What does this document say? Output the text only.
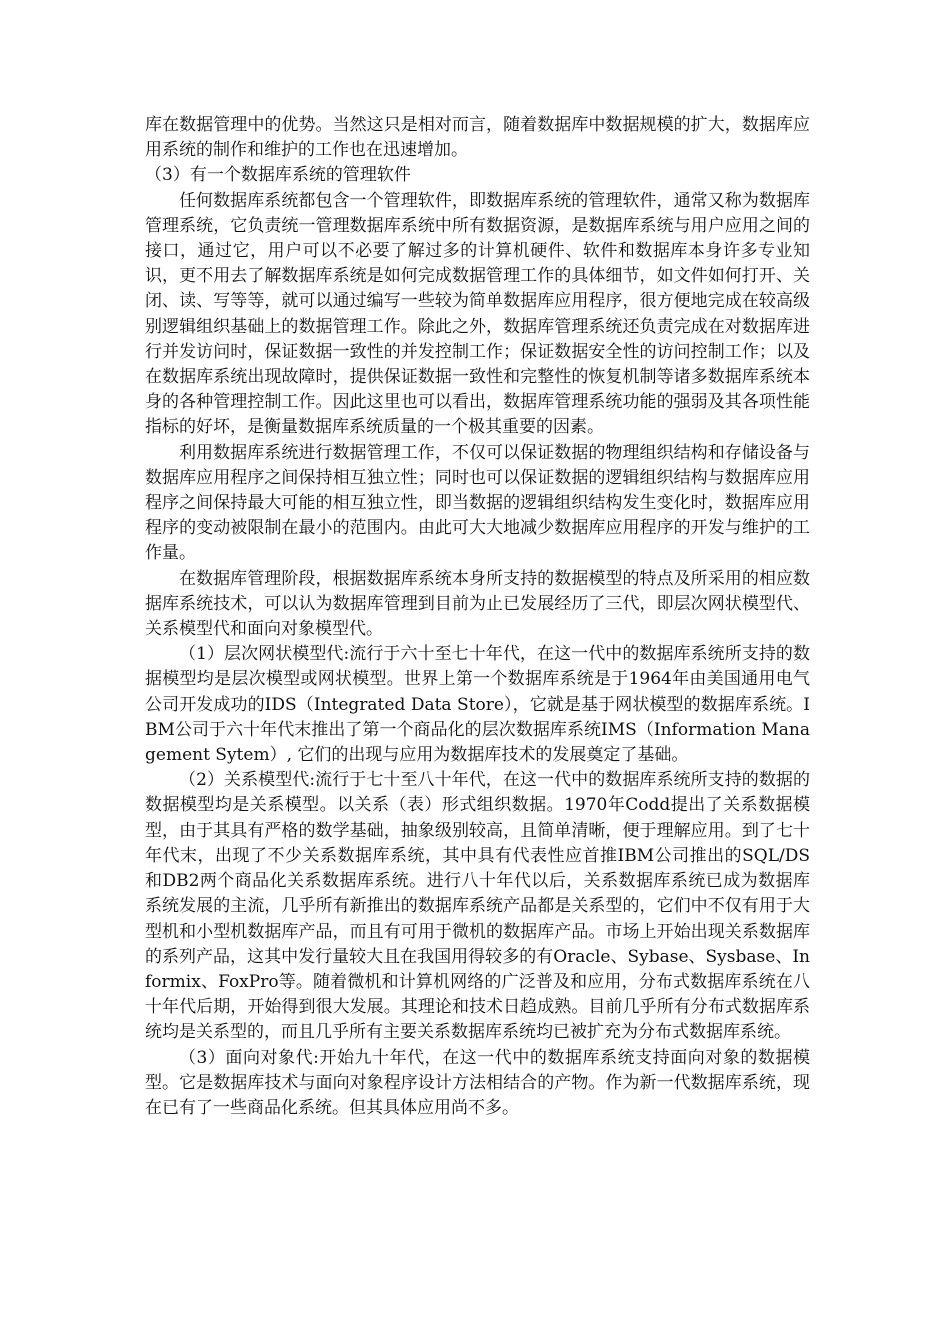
库在数据管理中的优势。当然这只是相对而言，随着数据库中数据规模的扩大，数据库应用系统的制作和维护的工作也在迅速增加。

（3）有一个数据库系统的管理软件

任何数据库系统都包含一个管理软件，即数据库系统的管理软件，通常又称为数据库管理系统，它负责统一管理数据库系统中所有数据资源，是数据库系统与用户应用之间的接口，通过它，用户可以不必要了解过多的计算机硬件、软件和数据库本身许多专业知识，更不用去了解数据库系统是如何完成数据管理工作的具体细节，如文件如何打开、关闭、读、写等等，就可以通过编写一些较为简单数据库应用程序，很方便地完成在较高级别逻辑组织基础上的数据管理工作。除此之外，数据库管理系统还负责完成在对数据库进行并发访问时，保证数据一致性的并发控制工作；保证数据安全性的访问控制工作；以及在数据库系统出现故障时，提供保证数据一致性和完整性的恢复机制等诸多数据库系统本身的各种管理控制工作。因此这里也可以看出，数据库管理系统功能的强弱及其各项性能指标的好坏，是衡量数据库系统质量的一个极其重要的因素。

利用数据库系统进行数据管理工作，不仅可以保证数据的物理组织结构和存储设备与数据库应用程序之间保持相互独立性；同时也可以保证数据的逻辑组织结构与数据库应用程序之间保持最大可能的相互独立性，即当数据的逻辑组织结构发生变化时，数据库应用程序的变动被限制在最小的范围内。由此可大大地减少数据库应用程序的开发与维护的工作量。

在数据库管理阶段，根据数据库系统本身所支持的数据模型的特点及所采用的相应数据库系统技术，可以认为数据库管理到目前为止已发展经历了三代，即层次网状模型代、关系模型代和面向对象模型代。

（1）层次网状模型代:流行于六十至七十年代，在这一代中的数据库系统所支持的数据模型均是层次模型或网状模型。世界上第一个数据库系统是于1964年由美国通用电气公司开发成功的IDS（Integrated Data Store），它就是基于网状模型的数据库系统。IBM公司于六十年代末推出了第一个商品化的层次数据库系统IMS（Information Management Sytem）, 它们的出现与应用为数据库技术的发展奠定了基础。

（2）关系模型代:流行于七十至八十年代，在这一代中的数据库系统所支持的数据的数据模型均是关系模型。以关系（表）形式组织数据。1970年Codd提出了关系数据模型，由于其具有严格的数学基础，抽象级别较高，且简单清晰，便于理解应用。到了七十年代末，出现了不少关系数据库系统，其中具有代表性应首推IBM公司推出的SQL/DS和DB2两个商品化关系数据库系统。进行八十年代以后，关系数据库系统已成为数据库系统发展的主流，几乎所有新推出的数据库系统产品都是关系型的，它们中不仅有用于大型机和小型机数据库产品，而且有可用于微机的数据库产品。市场上开始出现关系数据库的系列产品，这其中发行量较大且在我国用得较多的有Oracle、Sybase、Sysbase、Informix、FoxPro等。随着微机和计算机网络的广泛普及和应用，分布式数据库系统在八十年代后期，开始得到很大发展。其理论和技术日趋成熟。目前几乎所有分布式数据库系统均是关系型的，而且几乎所有主要关系数据库系统均已被扩充为分布式数据库系统。

（3）面向对象代:开始九十年代，在这一代中的数据库系统支持面向对象的数据模型。它是数据库技术与面向对象程序设计方法相结合的产物。作为新一代数据库系统，现在已有了一些商品化系统。但其具体应用尚不多。
